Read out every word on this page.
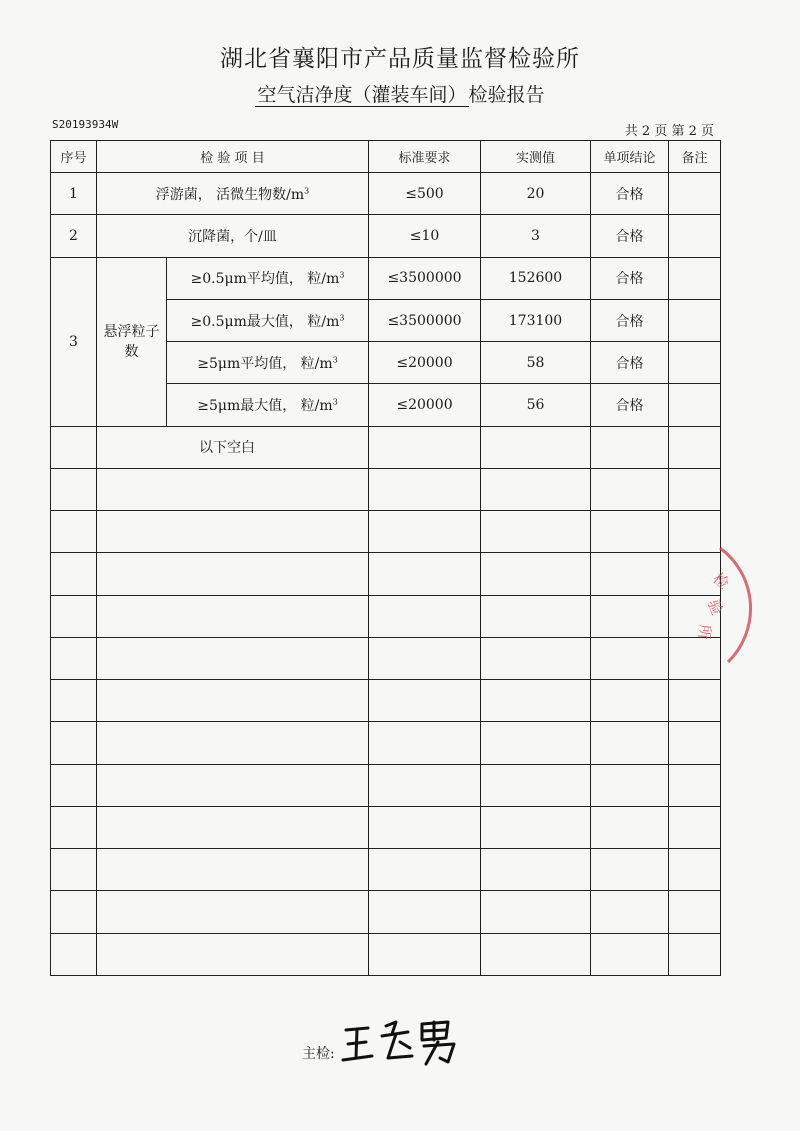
湖北省襄阳市产品质量监督检验所
空气洁净度（灌装车间） 检验报告
S20193934W	共 2 页 第 2 页
序号	检 验 项 目		标准要求	实测值	单项结论	备注
1	浮游菌， 活微生物数$/m^3$		≤500	20	合格	
2	沉降菌，个/皿		≤10	3	合格	
3	悬浮粒子数	≥0.5μm平均值， 粒$/m^3$	≤3500000	152600	合格	
		≥0.5μm最大值， 粒$/m^3$	≤3500000	173100	合格	
		≥5μm平均值， 粒$/m^3$	≤20000	58	合格	
		≥5μm最大值， 粒$/m^3$	≤20000	56	合格	
	以下空白					

检
验
所
主检:
